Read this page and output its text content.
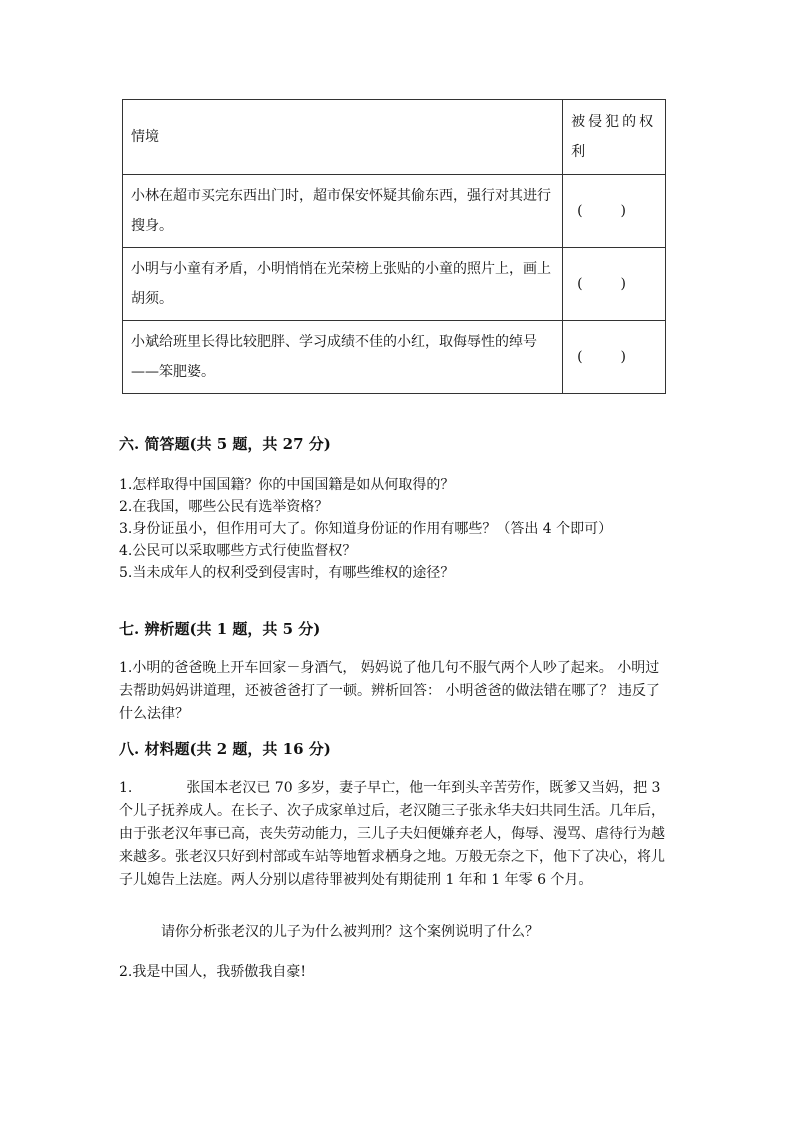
情境	被侵犯的权利
小林在超市买完东西出门时，超市保安怀疑其偷东西，强行对其进行搜身。	( )
小明与小童有矛盾，小明悄悄在光荣榜上张贴的小童的照片上，画上胡须。	( )
小斌给班里长得比较肥胖、学习成绩不佳的小红，取侮辱性的绰号——笨肥婆。	( )
六. 简答题(共 5 题，共 27 分)

1.怎样取得中国国籍？你的中国国籍是如从何取得的？

2.在我国，哪些公民有选举资格？

3.身份证虽小，但作用可大了。你知道身份证的作用有哪些？（答出 4 个即可）

4.公民可以采取哪些方式行使监督权？

5.当未成年人的权利受到侵害时，有哪些维权的途径？

七. 辨析题(共 1 题，共 5 分)
1.小明的爸爸晚上开车回家－身酒气， 妈妈说了他几句不服气两个人吵了起来。 小明过去帮助妈妈讲道理，还被爸爸打了一顿。辨析回答： 小明爸爸的做法错在哪了？ 违反了什么法律？
八. 材料题(共 2 题，共 16 分)
1.	张国本老汉已 70 多岁，妻子早亡，他一年到头辛苦劳作，既爹又当妈，把 3 个儿子抚养成人。在长子、次子成家单过后，老汉随三子张永华夫妇共同生活。几年后，由于张老汉年事已高，丧失劳动能力，三儿子夫妇便嫌弃老人，侮辱、漫骂、虐待行为越来越多。张老汉只好到村部或车站等地暂求栖身之地。万般无奈之下，他下了决心，将儿子儿媳告上法庭。两人分别以虐待罪被判处有期徒刑 1 年和 1 年零 6 个月。
请你分析张老汉的儿子为什么被判刑？这个案例说明了什么？
2.我是中国人，我骄傲我自豪!
